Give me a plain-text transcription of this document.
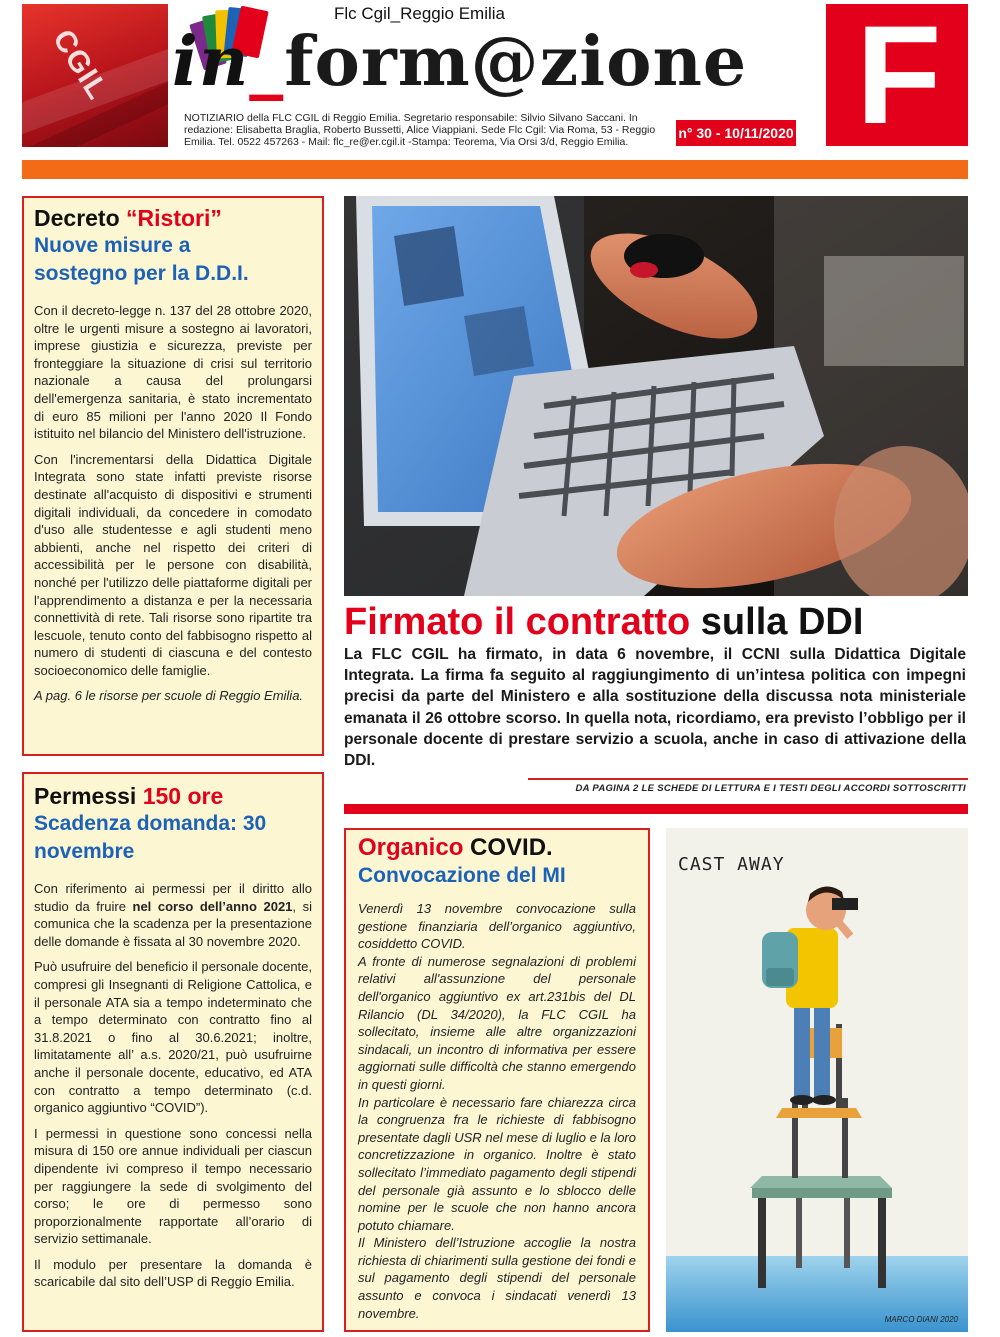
CGIL
Flc Cgil_Reggio Emilia
in_form@zione
NOTIZIARIO della FLC CGIL di Reggio Emilia. Segretario responsabile: Silvio Silvano Saccani. In redazione: Elisabetta Braglia, Roberto Bussetti, Alice Viappiani. Sede Flc Cgil: Via Roma, 53 - Reggio Emilia. Tel. 0522 457263 - Mail: flc_re@er.cgil.it -Stampa: Teorema, Via Orsi 3/d, Reggio Emilia.
n° 30 - 10/11/2020 F
Decreto “Ristori”
Nuove misure a sostegno per la D.D.I.

Con il decreto-legge n. 137 del 28 ottobre 2020, oltre le urgenti misure a sostegno ai lavoratori, imprese giustizia e sicurezza, previste per fronteggiare la situazione di crisi sul territorio nazionale a causa del prolungarsi dell'emergenza sanitaria, è stato incrementato di euro 85 milioni per l'anno 2020 Il Fondo istituito nel bilancio del Ministero dell'istruzione.

Con l'incrementarsi della Didattica Digitale Integrata sono state infatti previste risorse destinate all'acquisto di dispositivi e strumenti digitali individuali, da concedere in comodato d'uso alle studentesse e agli studenti meno abbienti, anche nel rispetto dei criteri di accessibilità per le persone con disabilità, nonché per l'utilizzo delle piattaforme digitali per l'apprendimento a distanza e per la necessaria connettività di rete. Tali risorse sono ripartite tra lescuole, tenuto conto del fabbisogno rispetto al numero di studenti di ciascuna e del contesto socioeconomico delle famiglie.

A pag. 6 le risorse per scuole di Reggio Emilia.

Permessi 150 ore
Scadenza domanda: 30 novembre

Con riferimento ai permessi per il diritto allo studio da fruire nel corso dell’anno 2021, si comunica che la scadenza per la presentazione delle domande è fissata al 30 novembre 2020.

Può usufruire del beneficio il personale docente, compresi gli Insegnanti di Religione Cattolica, e il personale ATA sia a tempo indeterminato che a tempo determinato con contratto fino al 31.8.2021 o fino al 30.6.2021; inoltre, limitatamente all’ a.s. 2020/21, può usufruirne anche il personale docente, educativo, ed ATA con contratto a tempo determinato (c.d. organico aggiuntivo “COVID”).

I permessi in questione sono concessi nella misura di 150 ore annue individuali per ciascun dipendente ivi compreso il tempo necessario per raggiungere la sede di svolgimento del corso; le ore di permesso sono proporzionalmente rapportate all’orario di servizio settimanale.

Il modulo per presentare la domanda è scaricabile dal sito dell’USP di Reggio Emilia.

Firmato il contratto sulla DDI
La FLC CGIL ha firmato, in data 6 novembre, il CCNI sulla Didattica Digitale Integrata. La firma fa seguito al raggiungimento di un’intesa politica con impegni precisi da parte del Ministero e alla sostituzione della discussa nota ministeriale emanata il 26 ottobre scorso. In quella nota, ricordiamo, era previsto l’obbligo per il personale docente di prestare servizio a scuola, anche in caso di attivazione della DDI.
DA PAGINA 2 LE SCHEDE DI LETTURA E I TESTI DEGLI ACCORDI SOTTOSCRITTI
Organico COVID.
Convocazione del MI

Venerdì 13 novembre convocazione sulla gestione finanziaria dell’organico aggiuntivo, cosiddetto COVID.

A fronte di numerose segnalazioni di problemi relativi all'assunzione del personale dell'organico aggiuntivo ex art.231bis del DL Rilancio (DL 34/2020), la FLC CGIL ha sollecitato, insieme alle altre organizzazioni sindacali, un incontro di informativa per essere aggiornati sulle difficoltà che stanno emergendo in questi giorni.

In particolare è necessario fare chiarezza circa la congruenza fra le richieste di fabbisogno presentate dagli USR nel mese di luglio e la loro concretizzazione in organico. Inoltre è stato sollecitato l’immediato pagamento degli stipendi del personale già assunto e lo sblocco delle nomine per le scuole che non hanno ancora potuto chiamare.

Il Ministero dell’Istruzione accoglie la nostra richiesta di chiarimenti sulla gestione dei fondi e sul pagamento degli stipendi del personale assunto e convoca i sindacati venerdì 13 novembre.

CAST AWAY
MARCO DIANI 2020
